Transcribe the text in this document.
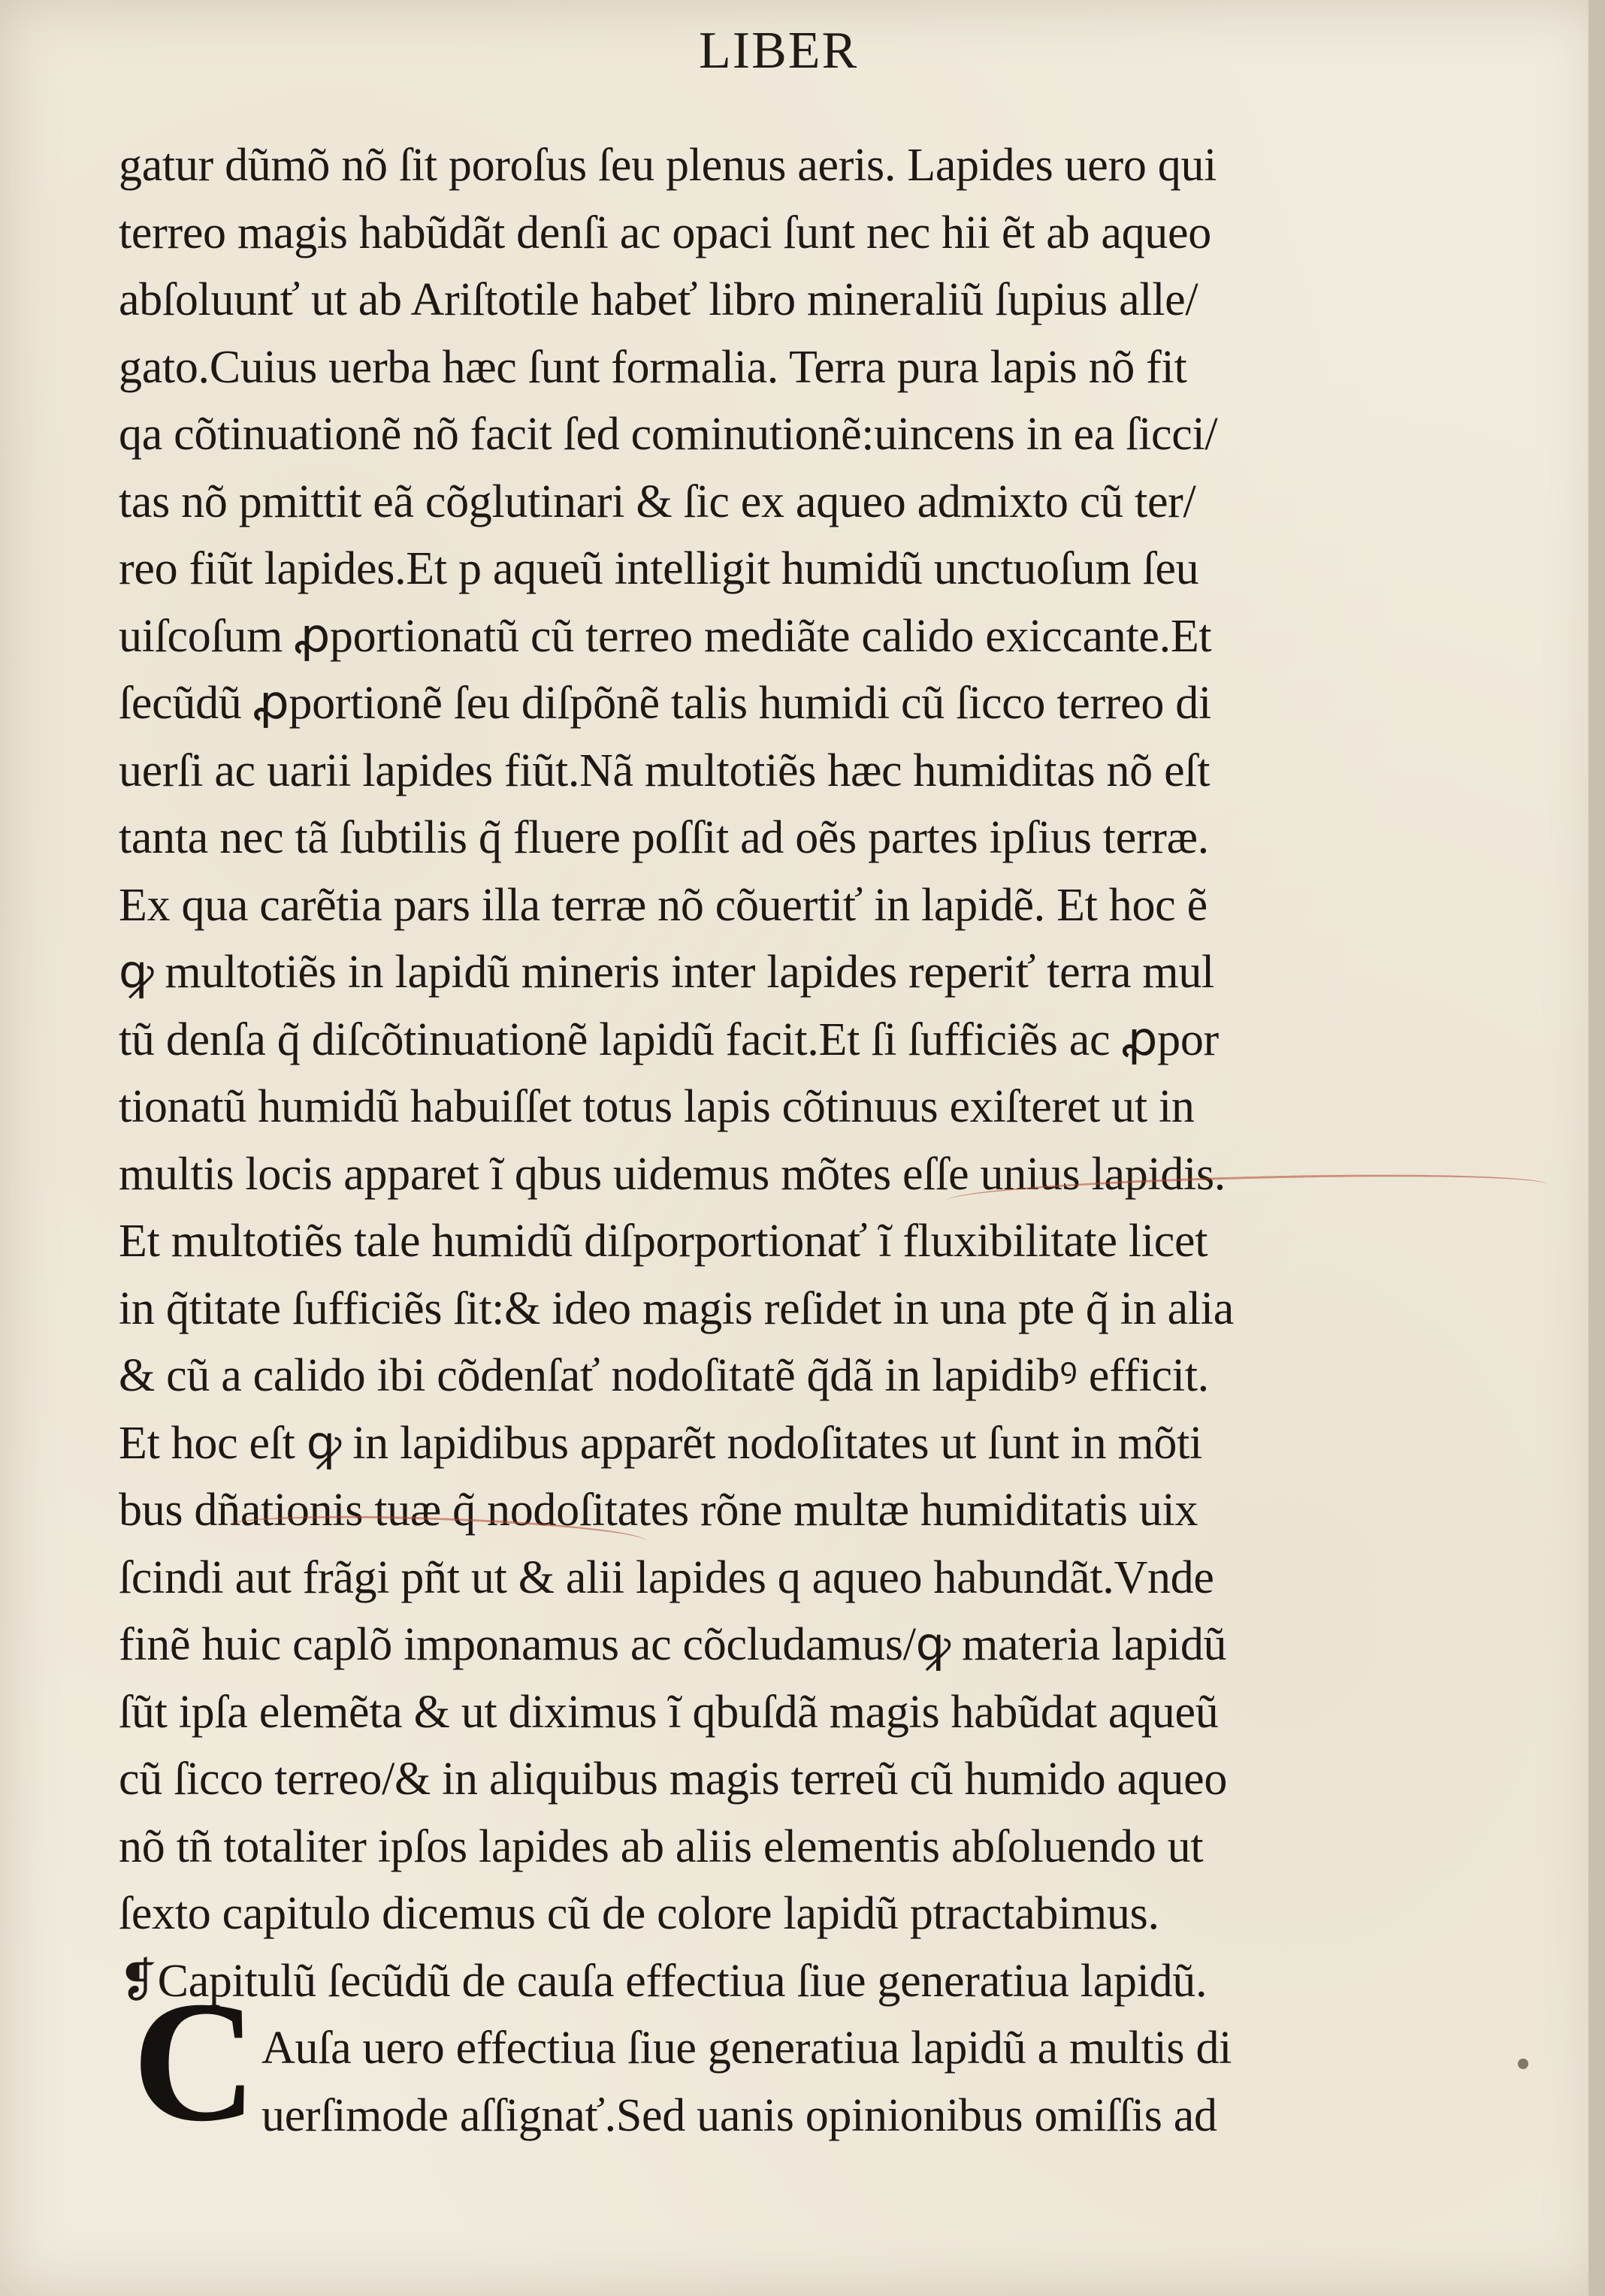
LIBER
gatur dũmõ nõ ſit poroſus ſeu plenus aeris. Lapides uero qui
terreo magis habũdãt denſi ac opaci ſunt nec hii ẽt ab aqueo
abſoluunť ut ab Ariſtotile habeť libro mineraliũ ſupius alle/
gato.Cuius uerba hæc ſunt formalia. Terra pura lapis nõ fit
qa cõtinuationẽ nõ facit ſed cominutionẽ:uincens in ea ſicci/
tas nõ pmittit eã cõglutinari & ſic ex aqueo admixto cũ ter/
reo fiũt lapides.Et p aqueũ intelligit humidũ unctuoſum ſeu
uiſcoſum ꝓportionatũ cũ terreo mediãte calido exiccante.Et
ſecũdũ ꝓportionẽ ſeu diſpõnẽ talis humidi cũ ſicco terreo di
uerſi ac uarii lapides fiũt.Nã multotiẽs hæc humiditas nõ eſt
tanta nec tã ſubtilis q̃ fluere poſſit ad oẽs partes ipſius terræ.
Ex qua carẽtia pars illa terræ nõ cõuertiť in lapidẽ. Et hoc ẽ
ꝙ multotiẽs in lapidũ mineris inter lapides reperiť terra mul
tũ denſa q̃ diſcõtinuationẽ lapidũ facit.Et ſi ſufficiẽs ac ꝓpor
tionatũ humidũ habuiſſet totus lapis cõtinuus exiſteret ut in
multis locis apparet ĩ qbus uidemus mõtes eſſe unius lapidis.
Et multotiẽs tale humidũ diſporportionať ĩ fluxibilitate licet
in q̃titate ſufficiẽs ſit:& ideo magis reſidet in una pte q̃ in alia
& cũ a calido ibi cõdenſať nodoſitatẽ q̃dã in lapidibꝰ efficit.
Et hoc eſt ꝙ in lapidibus apparẽt nodoſitates ut ſunt in mõti
bus dñationis tuæ q̃ nodoſitates rõne multæ humiditatis uix
ſcindi aut frãgi pñt ut & alii lapides q aqueo habundãt.Vnde
finẽ huic caplõ imponamus ac cõcludamus/ꝙ materia lapidũ
ſũt ipſa elemẽta & ut diximus ĩ qbuſdã magis habũdat aqueũ
cũ ſicco terreo/& in aliquibus magis terreũ cũ humido aqueo
nõ tñ totaliter ipſos lapides ab aliis elementis abſoluendo ut
ſexto capitulo dicemus cũ de colore lapidũ ptractabimus.
❡Capitulũ ſecũdũ de cauſa effectiua ſiue generatiua lapidũ.
Auſa uero effectiua ſiue generatiua lapidũ a multis di
uerſimode aſſignať.Sed uanis opinionibus omiſſis ad
C
